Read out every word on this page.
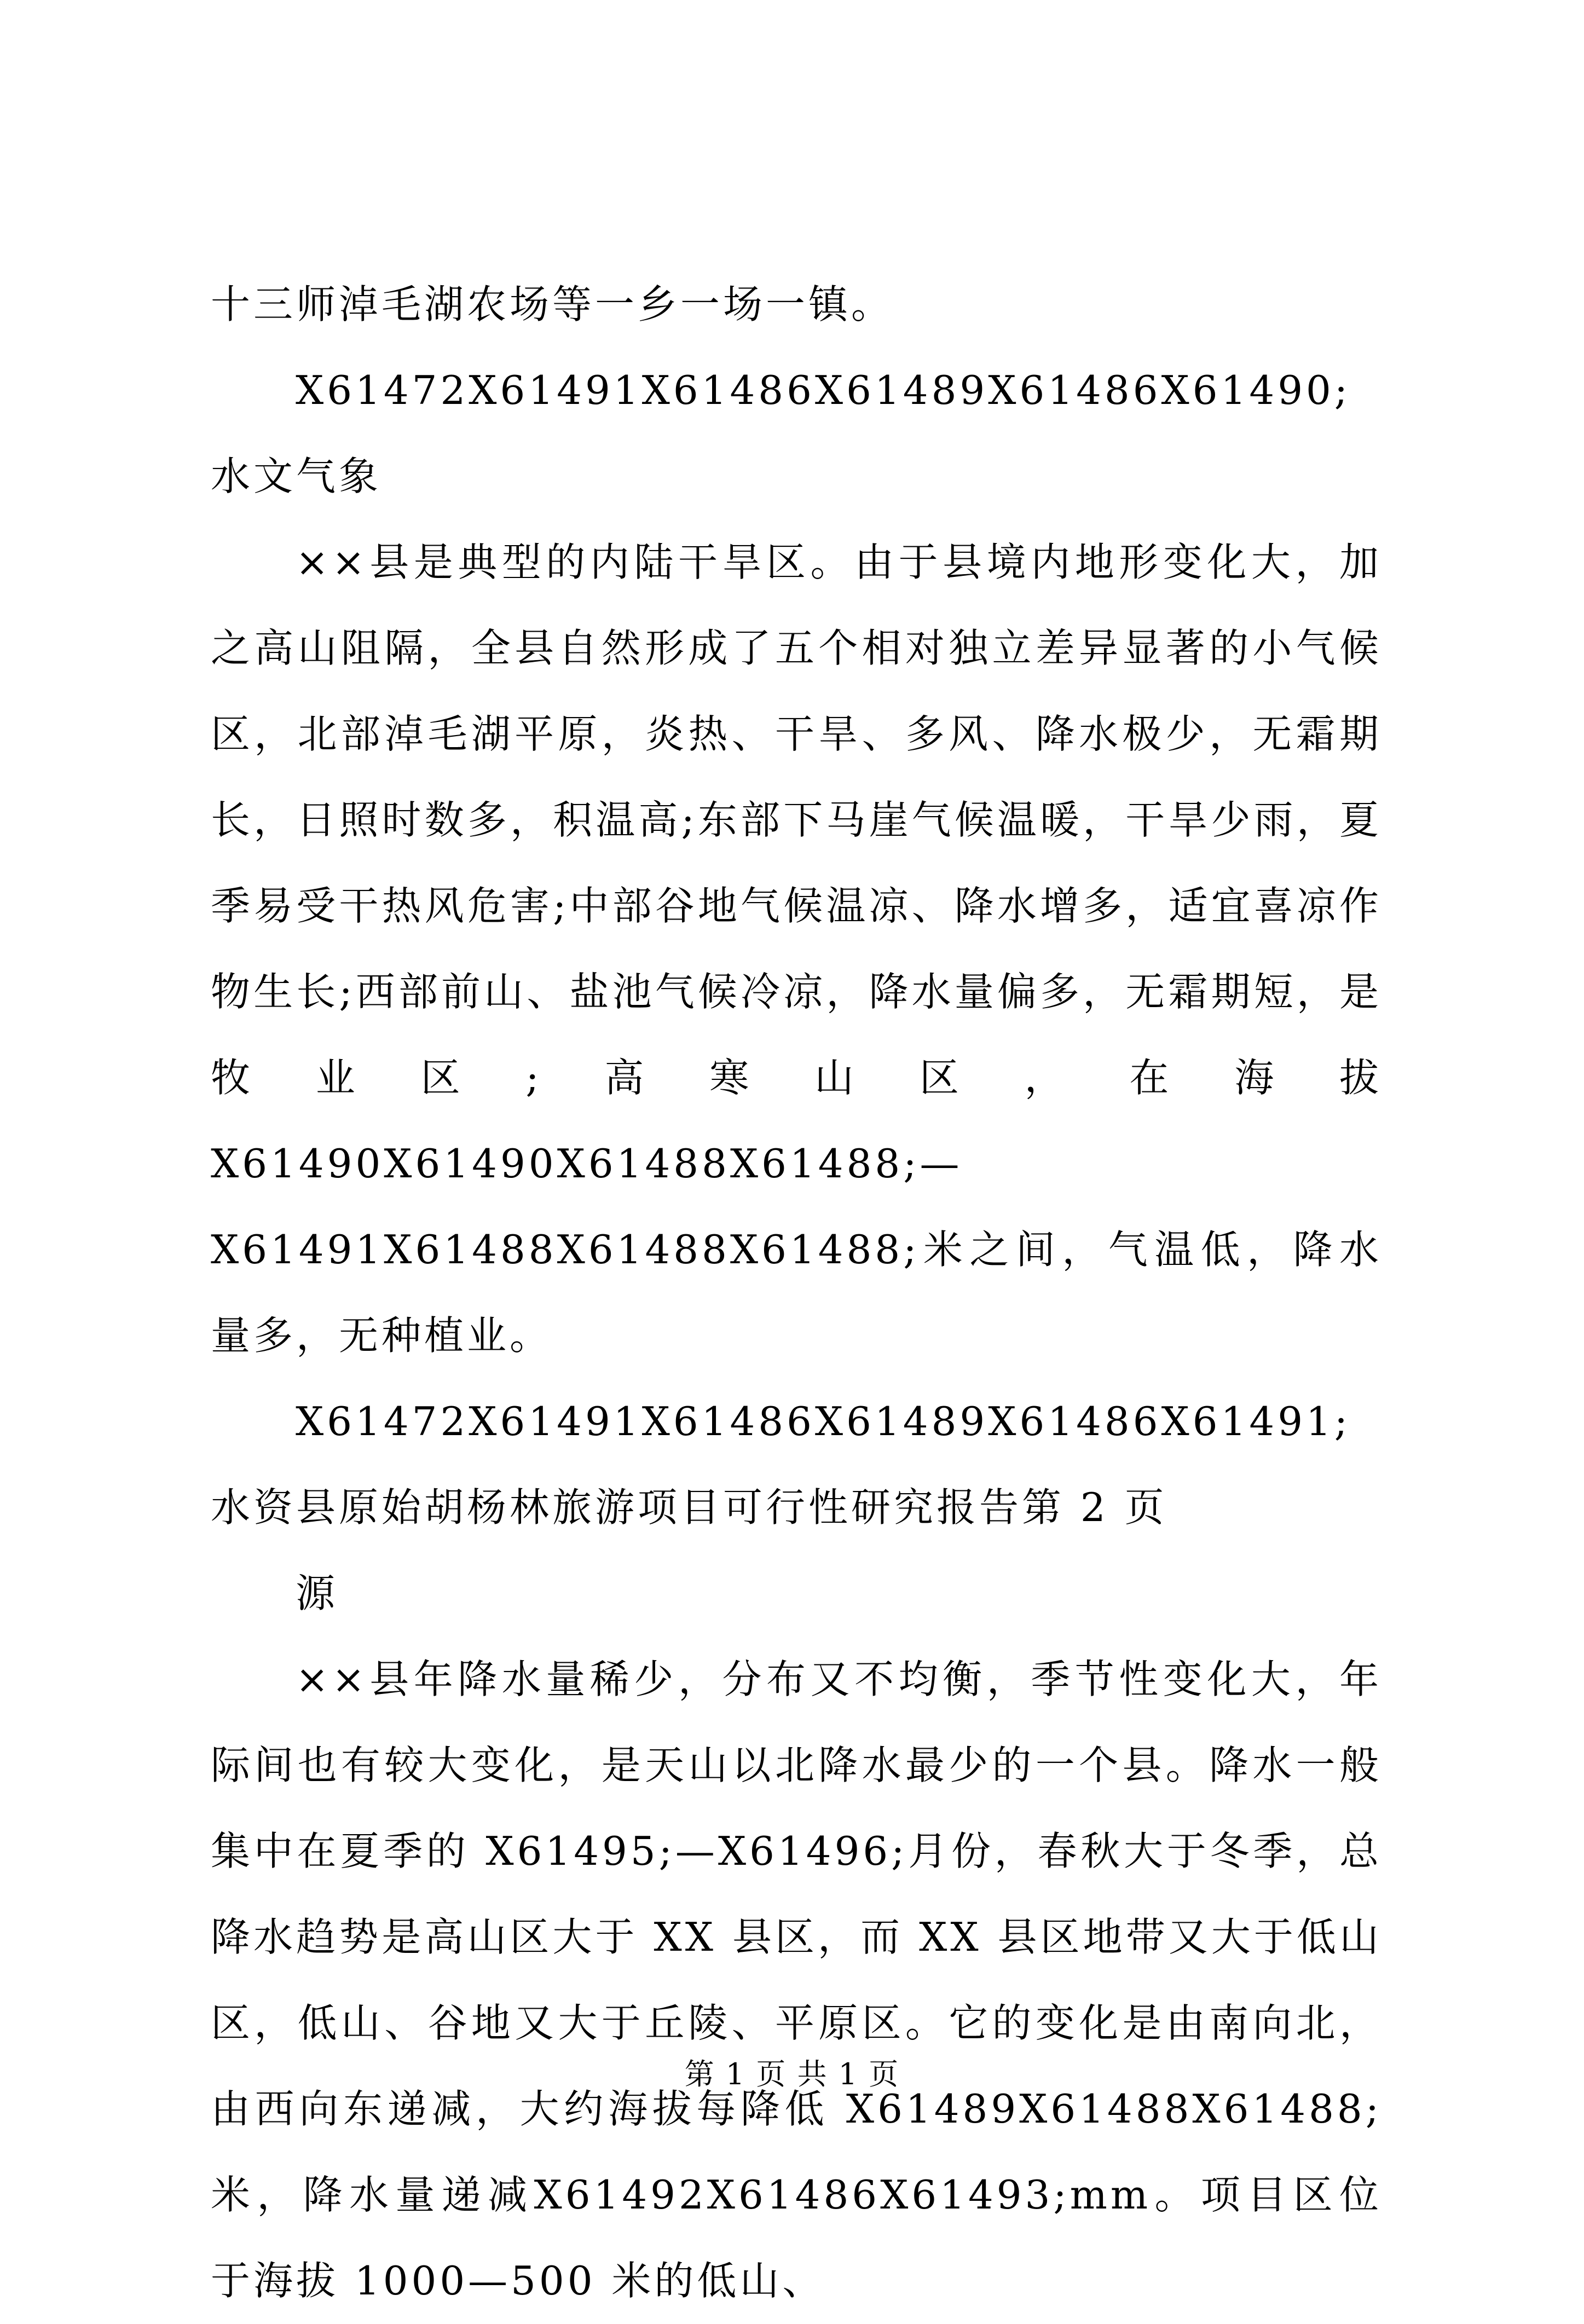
十三师淖毛湖农场等一乡一场一镇。

X61472X61491X61486X61489X61486X61490;水文气象

××县是典型的内陆干旱区。由于县境内地形变化大，加之高山阻隔，全县自然形成了五个相对独立差异显著的小气候区，北部淖毛湖平原，炎热、干旱、多风、降水极少，无霜期长，日照时数多，积温高;东部下马崖气候温暖，干旱少雨，夏季易受干热风危害;中部谷地气候温凉、降水增多，适宜喜凉作物生长;西部前山、盐池气候冷凉，降水量偏多，无霜期短，是牧业区;高寒山区，在海拔 X61490X61490X61488X61488;—X61491X61488X61488X61488;米之间，气温低，降水量多，无种植业。

X61472X61491X61486X61489X61486X61491;水资县原始胡杨林旅游项目可行性研究报告第 2 页

源

××县年降水量稀少，分布又不均衡，季节性变化大，年际间也有较大变化，是天山以北降水最少的一个县。降水一般集中在夏季的 X61495;—X61496;月份，春秋大于冬季，总降水趋势是高山区大于 XX 县区，而 XX 县区地带又大于低山区，低山、谷地又大于丘陵、平原区。它的变化是由南向北，由西向东递减，大约海拔每降低 X61489X61488X61488;米，降水量递减X61492X61486X61493;mm。项目区位于海拔 1000—500 米的低山、

第 1 页 共 1 页
